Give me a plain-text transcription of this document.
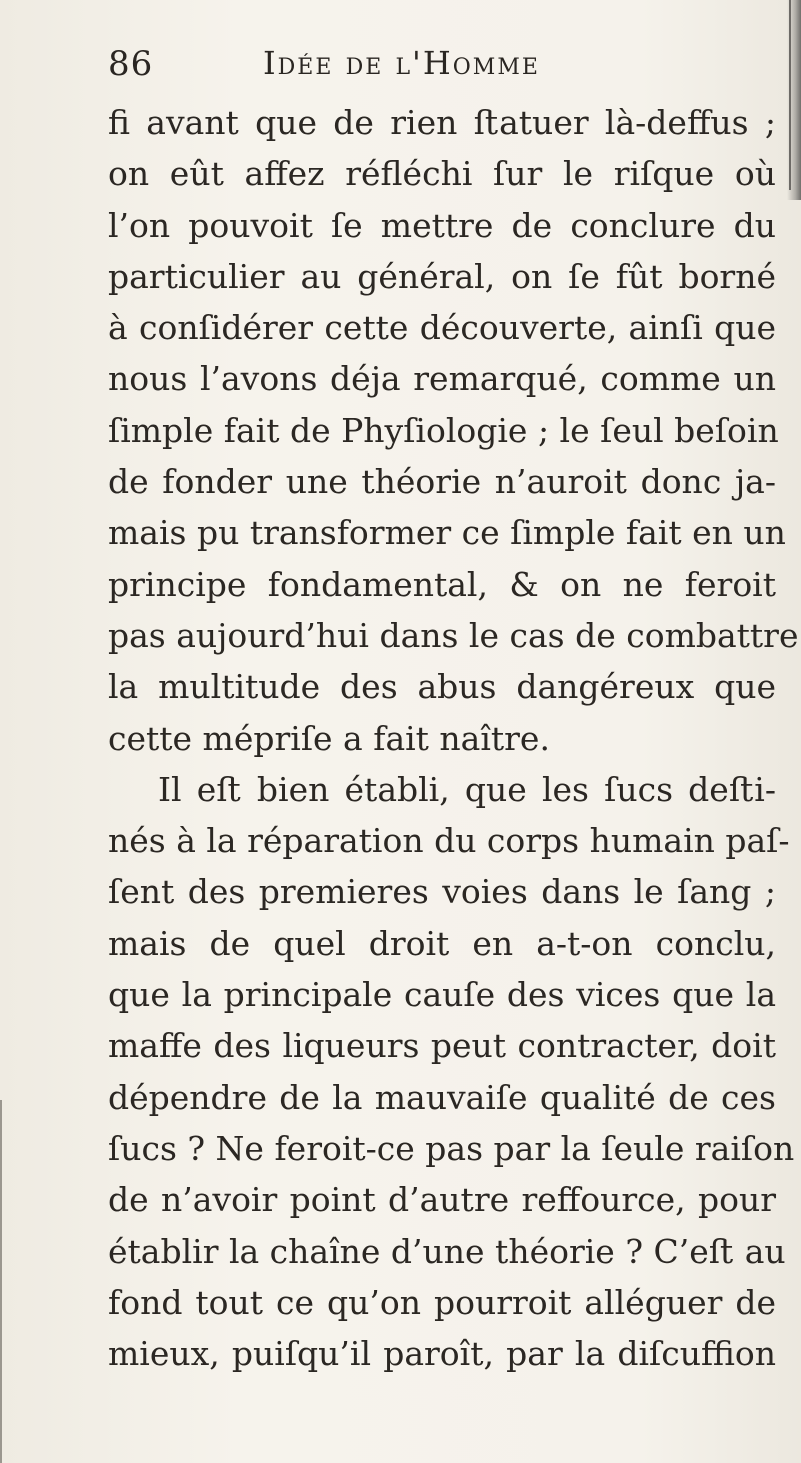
86	Idée de l'Homme
ﬁ avant que de rien ﬅatuer là-deﬀus ;
on eût aﬀez réﬂéchi ſur le riſque où
l’on pouvoit ſe mettre de conclure du
particulier au général, on ſe fût borné
à conſidérer cette découverte, ainſi que
nous l’avons déja remarqué, comme un
ſimple fait de Phyſiologie ; le ſeul beſoin
de fonder une théorie n’auroit donc ja-
mais pu transformer ce ſimple fait en un
principe fondamental, & on ne feroit
pas aujourd’hui dans le cas de combattre
la multitude des abus dangéreux que
cette mépriſe a fait naître.
Il eﬅ bien établi, que les ſucs deﬅi-
nés à la réparation du corps humain paſ-
ſent des premieres voies dans le ſang ;
mais de quel droit en a-t-on conclu,
que la principale cauſe des vices que la
maﬀe des liqueurs peut contracter, doit
dépendre de la mauvaiſe qualité de ces
ſucs ? Ne feroit-ce pas par la ſeule raiſon
de n’avoir point d’autre reﬀource, pour
établir la chaîne d’une théorie ? C’eﬅ au
fond tout ce qu’on pourroit alléguer de
mieux, puiſqu’il paroît, par la diſcuﬃon
